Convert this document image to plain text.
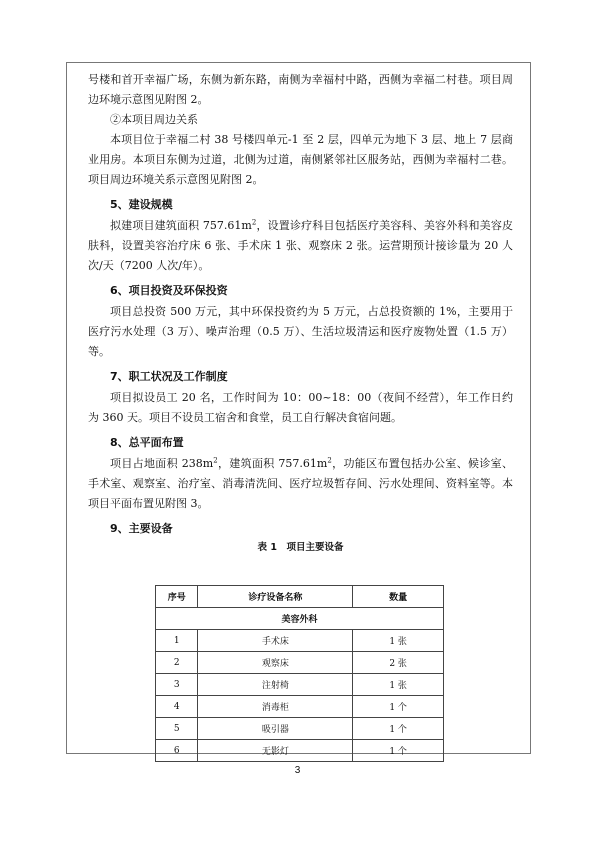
号楼和首开幸福广场，东侧为新东路，南侧为幸福村中路，西侧为幸福二村巷。项目周边环境示意图见附图 2。

②本项目周边关系

本项目位于幸福二村 38 号楼四单元-1 至 2 层，四单元为地下 3 层、地上 7 层商业用房。本项目东侧为过道，北侧为过道，南侧紧邻社区服务站，西侧为幸福村二巷。项目周边环境关系示意图见附图 2。

5、建设规模

拟建项目建筑面积 $757.61m^2$，设置诊疗科目包括医疗美容科、美容外科和美容皮肤科，设置美容治疗床 6 张、手术床 1 张、观察床 2 张。运营期预计接诊量为 20 人次/天（7200 人次/年）。

6、项目投资及环保投资

项目总投资 500 万元，其中环保投资约为 5 万元，占总投资额的 1%，主要用于医疗污水处理（3 万）、噪声治理（0.5 万）、生活垃圾清运和医疗废物处置（1.5 万）等。

7、职工状况及工作制度

项目拟设员工 20 名，工作时间为 10：00~18：00（夜间不经营），年工作日约为 360 天。项目不设员工宿舍和食堂，员工自行解决食宿问题。

8、总平面布置

项目占地面积 $238m^2$，建筑面积 $757.61m^2$，功能区布置包括办公室、候诊室、手术室、观察室、治疗室、消毒清洗间、医疗垃圾暂存间、污水处理间、资料室等。本项目平面布置见附图 3。

9、主要设备

表 1　项目主要设备

序号	诊疗设备名称	数量
美容外科		
1	手术床	1 张
2	观察床	2 张
3	注射椅	1 张
4	消毒柜	1 个
5	吸引器	1 个
6	无影灯	1 个
3
